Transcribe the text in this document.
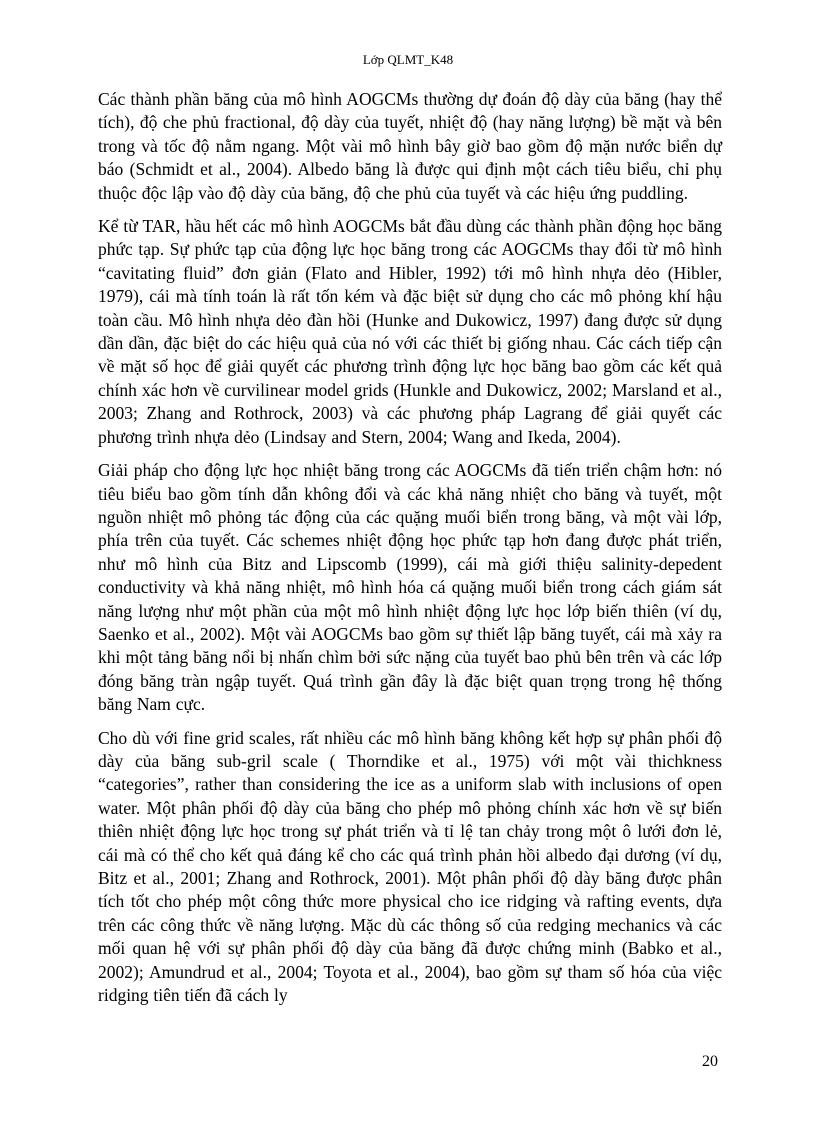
Lớp QLMT_K48

Các thành phần băng của mô hình AOGCMs thường dự đoán độ dày của băng (hay thể tích), độ che phủ fractional, độ dày của tuyết, nhiệt độ (hay năng lượng) bề mặt và bên trong và tốc độ nằm ngang. Một vài mô hình bây giờ bao gồm độ mặn nước biển dự báo (Schmidt et al., 2004). Albedo băng là được qui định một cách tiêu biểu, chỉ phụ thuộc độc lập vào độ dày của băng, độ che phủ của tuyết và các hiệu ứng puddling.

Kể từ TAR, hầu hết các mô hình AOGCMs bắt đầu dùng các thành phần động học băng phức tạp. Sự phức tạp của động lực học băng trong các AOGCMs thay đổi từ mô hình “cavitating fluid” đơn giản (Flato and Hibler, 1992) tới mô hình nhựa dẻo (Hibler, 1979), cái mà tính toán là rất tốn kém và đặc biệt sử dụng cho các mô phỏng khí hậu toàn cầu. Mô hình nhựa dẻo đàn hồi (Hunke and Dukowicz, 1997) đang được sử dụng dần dần, đặc biệt do các hiệu quả của nó với các thiết bị giống nhau. Các cách tiếp cận về mặt số học để giải quyết các phương trình động lực học băng bao gồm các kết quả chính xác hơn về curvilinear model grids (Hunkle and Dukowicz, 2002; Marsland et al., 2003; Zhang and Rothrock, 2003) và các phương pháp Lagrang để giải quyết các phương trình nhựa dẻo (Lindsay and Stern, 2004; Wang and Ikeda, 2004).

Giải pháp cho động lực học nhiệt băng trong các AOGCMs đã tiến triển chậm hơn: nó tiêu biểu bao gồm tính dẫn không đổi và các khả năng nhiệt cho băng và tuyết, một nguồn nhiệt mô phỏng tác động của các quặng muối biển trong băng, và một vài lớp, phía trên của tuyết. Các schemes nhiệt động học phức tạp hơn đang được phát triển, như mô hình của Bitz and Lipscomb (1999), cái mà giới thiệu salinity-depedent conductivity và khả năng nhiệt, mô hình hóa cá quặng muối biển trong cách giám sát năng lượng như một phần của một mô hình nhiệt động lực học lớp biến thiên (ví dụ, Saenko et al., 2002). Một vài AOGCMs bao gồm sự thiết lập băng tuyết, cái mà xảy ra khi một tảng băng nổi bị nhấn chìm bởi sức nặng của tuyết bao phủ bên trên và các lớp đóng băng tràn ngập tuyết. Quá trình gần đây là đặc biệt quan trọng trong hệ thống băng Nam cực.

Cho dù với fine grid scales, rất nhiều các mô hình băng không kết hợp sự phân phối độ dày của băng sub-gril scale ( Thorndike et al., 1975) với một vài thichkness “categories”, rather than considering the ice as a uniform slab with inclusions of open water. Một phân phối độ dày của băng cho phép mô phỏng chính xác hơn về sự biến thiên nhiệt động lực học trong sự phát triển và tỉ lệ tan chảy trong một ô lưới đơn lẻ, cái mà có thể cho kết quả đáng kể cho các quá trình phản hồi albedo đại dương (ví dụ, Bitz et al., 2001; Zhang and Rothrock, 2001). Một phân phối độ dày băng được phân tích tốt cho phép một công thức more physical cho ice ridging và rafting events, dựa trên các công thức về năng lượng. Mặc dù các thông số của redging mechanics và các mối quan hệ với sự phân phối độ dày của băng đã được chứng minh (Babko et al., 2002); Amundrud et al., 2004; Toyota et al., 2004), bao gồm sự tham số hóa của việc ridging tiên tiến đã cách ly

20
